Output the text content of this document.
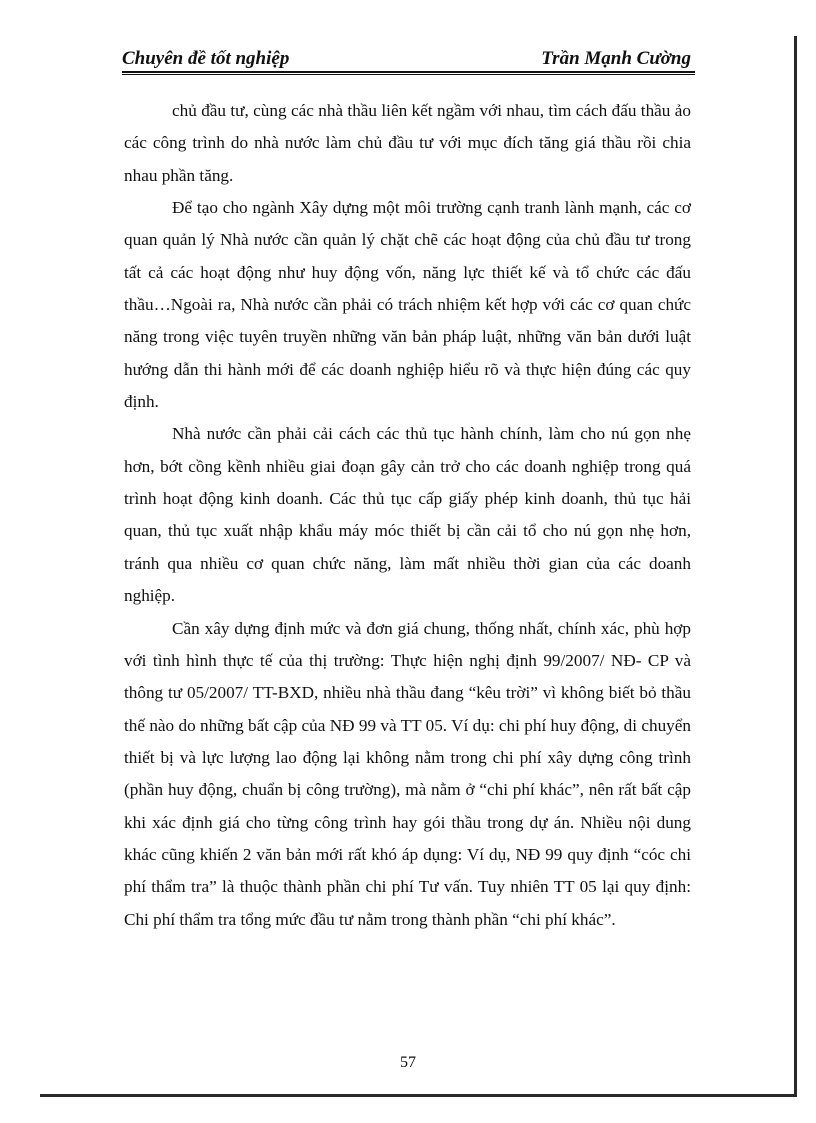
Chuyên đề tốt nghiệp	Trần Mạnh Cường

chủ đầu tư, cùng các nhà thầu liên kết ngầm với nhau, tìm cách đấu thầu ảo các công trình do nhà nước làm chủ đầu tư với mục đích tăng giá thầu rồi chia nhau phần tăng.

Để tạo cho ngành Xây dựng một môi trường cạnh tranh lành mạnh, các cơ quan quản lý Nhà nước cần quản lý chặt chẽ các hoạt động của chủ đầu tư trong tất cả các hoạt động như huy động vốn, năng lực thiết kế và tổ chức các đấu thầu…Ngoài ra, Nhà nước cần phải có trách nhiệm kết hợp với các cơ quan chức năng trong việc tuyên truyền những văn bản pháp luật, những văn bản dưới luật hướng dẫn thi hành mới để các doanh nghiệp hiểu rõ và thực hiện đúng các quy định.

Nhà nước cần phải cải cách các thủ tục hành chính, làm cho nú gọn nhẹ hơn, bớt cồng kềnh nhiều giai đoạn gây cản trở cho các doanh nghiệp trong quá trình hoạt động kinh doanh. Các thủ tục cấp giấy phép kinh doanh, thủ tục hải quan, thủ tục xuất nhập khẩu máy móc thiết bị cần cải tổ cho nú gọn nhẹ hơn, tránh qua nhiều cơ quan chức năng, làm mất nhiều thời gian của các doanh nghiệp.

Cần xây dựng định mức và đơn giá chung, thống nhất, chính xác, phù hợp với tình hình thực tế của thị trường: Thực hiện nghị định 99/2007/ NĐ- CP và thông tư 05/2007/ TT-BXD, nhiều nhà thầu đang “kêu trời” vì không biết bỏ thầu thế nào do những bất cập của NĐ 99 và TT 05. Ví dụ: chi phí huy động, di chuyển thiết bị và lực lượng lao động lại không nằm trong chi phí xây dựng công trình (phần huy động, chuẩn bị công trường), mà nằm ở “chi phí khác”, nên rất bất cập khi xác định giá cho từng công trình hay gói thầu trong dự án. Nhiều nội dung khác cũng khiến 2 văn bản mới rất khó áp dụng: Ví dụ, NĐ 99 quy định “cóc chi phí thẩm tra” là thuộc thành phần chi phí Tư vấn. Tuy nhiên TT 05 lại quy định: Chi phí thẩm tra tổng mức đầu tư nằm trong thành phần “chi phí khác”.

57
